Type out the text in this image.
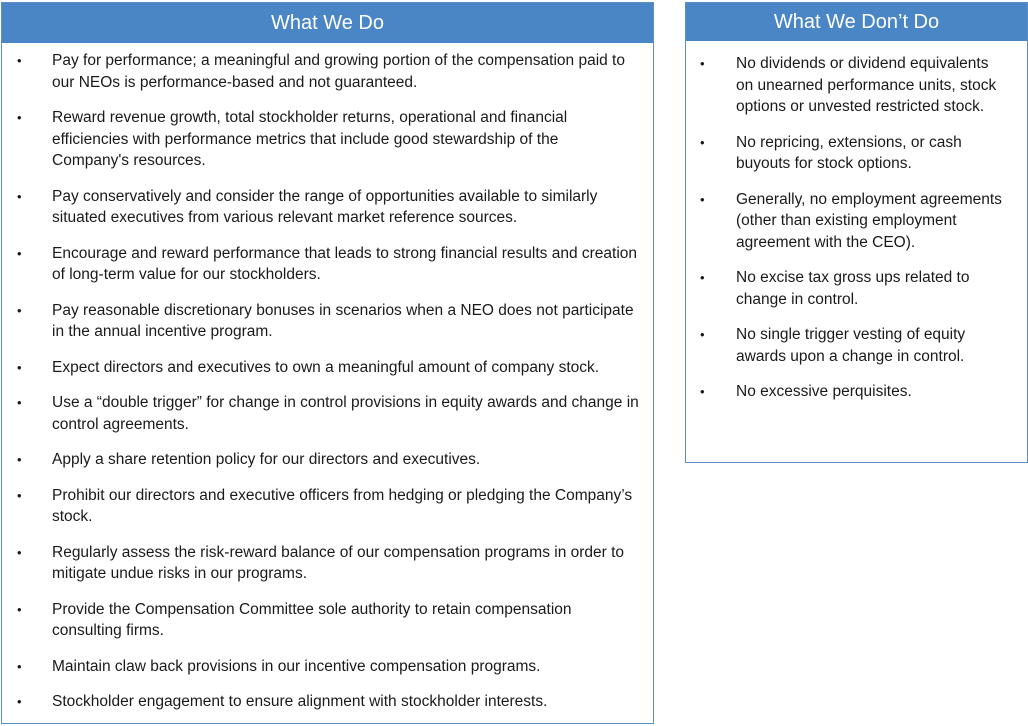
What We Do
• Pay for performance; a meaningful and growing portion of the compensation paid to our NEOs is performance-based and not guaranteed.
• Reward revenue growth, total stockholder returns, operational and financial efficiencies with performance metrics that include good stewardship of the Company's resources.
• Pay conservatively and consider the range of opportunities available to similarly situated executives from various relevant market reference sources.
• Encourage and reward performance that leads to strong financial results and creation of long-term value for our stockholders.
• Pay reasonable discretionary bonuses in scenarios when a NEO does not participate in the annual incentive program.
• Expect directors and executives to own a meaningful amount of company stock.
• Use a “double trigger” for change in control provisions in equity awards and change in control agreements.
• Apply a share retention policy for our directors and executives.
• Prohibit our directors and executive officers from hedging or pledging the Company’s stock.
• Regularly assess the risk-reward balance of our compensation programs in order to mitigate undue risks in our programs.
• Provide the Compensation Committee sole authority to retain compensation consulting firms.
• Maintain claw back provisions in our incentive compensation programs.
• Stockholder engagement to ensure alignment with stockholder interests.
What We Don’t Do
• No dividends or dividend equivalents on unearned performance units, stock options or unvested restricted stock.
• No repricing, extensions, or cash buyouts for stock options.
• Generally, no employment agreements (other than existing employment agreement with the CEO).
• No excise tax gross ups related to change in control.
• No single trigger vesting of equity awards upon a change in control.
• No excessive perquisites.
